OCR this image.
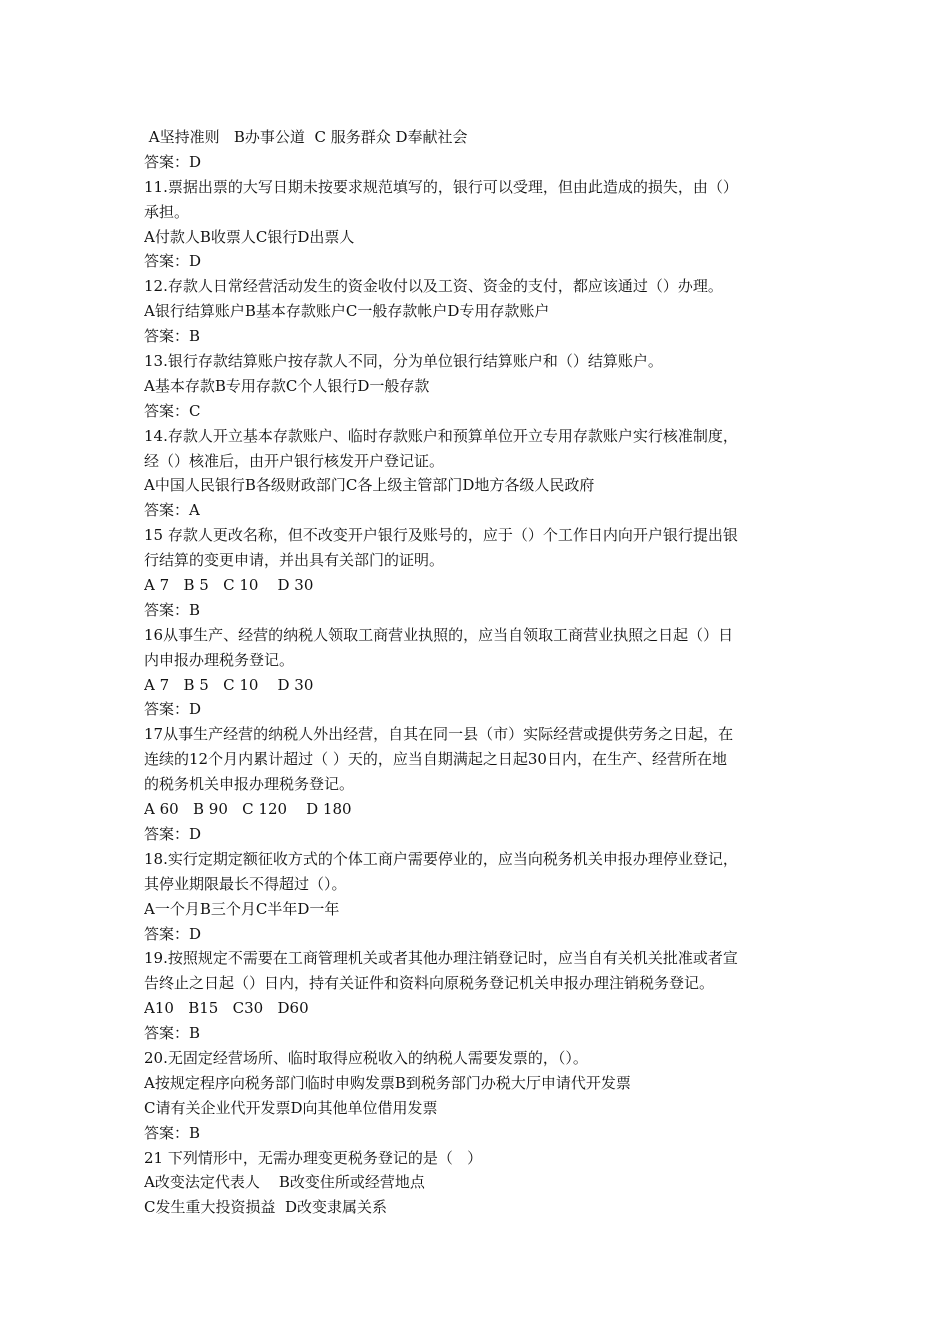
A坚持准则   B办事公道  C 服务群众 D奉献社会
答案：D
11.票据出票的大写日期未按要求规范填写的，银行可以受理，但由此造成的损失，由（）
承担。
A付款人B收票人C银行D出票人
答案：D
12.存款人日常经营活动发生的资金收付以及工资、资金的支付，都应该通过（）办理。
A银行结算账户B基本存款账户C一般存款帐户D专用存款账户
答案：B
13.银行存款结算账户按存款人不同，分为单位银行结算账户和（）结算账户。
A基本存款B专用存款C个人银行D一般存款
答案：C
14.存款人开立基本存款账户、临时存款账户和预算单位开立专用存款账户实行核准制度，
经（）核准后，由开户银行核发开户登记证。
A中国人民银行B各级财政部门C各上级主管部门D地方各级人民政府
答案：A
15 存款人更改名称，但不改变开户银行及账号的，应于（）个工作日内向开户银行提出银
行结算的变更申请，并出具有关部门的证明。
A 7   B 5   C 10    D 30
答案：B
16从事生产、经营的纳税人领取工商营业执照的，应当自领取工商营业执照之日起（）日
内申报办理税务登记。
A 7   B 5   C 10    D 30
答案：D
17从事生产经营的纳税人外出经营，自其在同一县（市）实际经营或提供劳务之日起，在
连续的12个月内累计超过（ ）天的，应当自期满起之日起30日内，在生产、经营所在地
的税务机关申报办理税务登记。
A 60   B 90   C 120    D 180
答案：D
18.实行定期定额征收方式的个体工商户需要停业的，应当向税务机关申报办理停业登记，
其停业期限最长不得超过（）。
A一个月B三个月C半年D一年
答案：D
19.按照规定不需要在工商管理机关或者其他办理注销登记时，应当自有关机关批准或者宣
告终止之日起（）日内，持有关证件和资料向原税务登记机关申报办理注销税务登记。
A10   B15   C30   D60
答案：B
20.无固定经营场所、临时取得应税收入的纳税人需要发票的，（）。
A按规定程序向税务部门临时申购发票B到税务部门办税大厅申请代开发票
C请有关企业代开发票D向其他单位借用发票
答案：B
21 下列情形中，无需办理变更税务登记的是（   ）
A改变法定代表人    B改变住所或经营地点
C发生重大投资损益  D改变隶属关系
